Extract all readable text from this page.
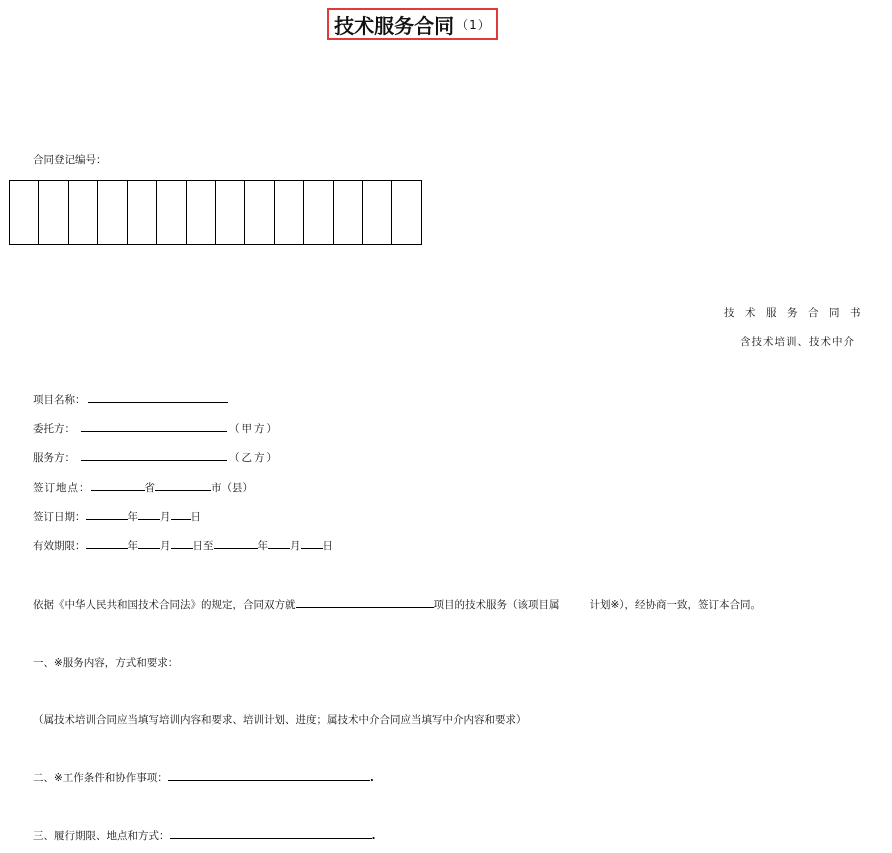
技术服务合同 （1）
合同登记编号：
技术服务合同书
含技术培训、技术中介
项目名称：
委托方：	（甲方）
服务方：	（乙方）
签订地点：	省	市（县）
签订日期：	年 月 日
有效期限：	年 月 日至	年 月 日
依据《中华人民共和国技术合同法》的规定，合同双方就	项目的技术服务（该项目属	计划※），经协商一致，签订本合同。
一、※服务内容，方式和要求：
（属技术培训合同应当填写培训内容和要求、培训计划、进度；属技术中介合同应当填写中介内容和要求）
二、※工作条件和协作事项：	.
三、履行期限、地点和方式：	.
